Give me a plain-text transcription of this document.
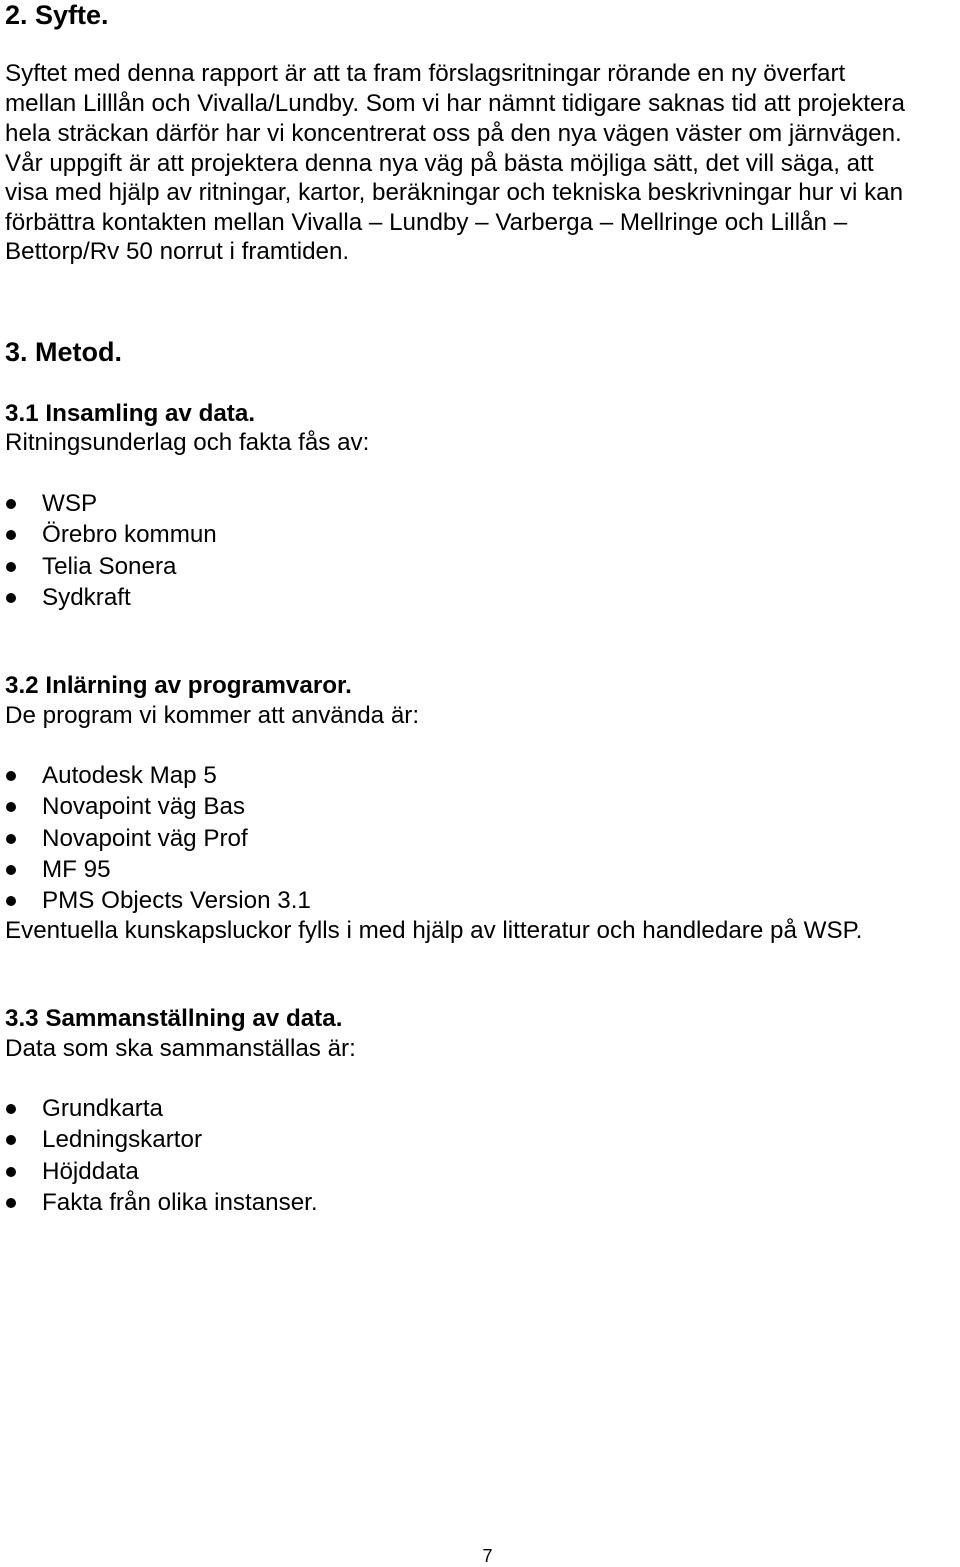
2. Syfte.

Syftet med denna rapport är att ta fram förslagsritningar rörande en ny överfart

mellan Lilllån och Vivalla/Lundby. Som vi har nämnt tidigare saknas tid att projektera

hela sträckan därför har vi koncentrerat oss på den nya vägen väster om järnvägen.

Vår uppgift är att projektera denna nya väg på bästa möjliga sätt, det vill säga, att

visa med hjälp av ritningar, kartor, beräkningar och tekniska beskrivningar hur vi kan

förbättra kontakten mellan Vivalla – Lundby – Varberga – Mellringe och Lillån –

Bettorp/Rv 50 norrut i framtiden.

3. Metod.
3.1 Insamling av data.

Ritningsunderlag och fakta fås av:

WSP

Örebro kommun

Telia Sonera

Sydkraft

3.2 Inlärning av programvaror.

De program vi kommer att använda är:

Autodesk Map 5

Novapoint väg Bas

Novapoint väg Prof

MF 95

PMS Objects Version 3.1

Eventuella kunskapsluckor fylls i med hjälp av litteratur och handledare på WSP.

3.3 Sammanställning av data.

Data som ska sammanställas är:

Grundkarta

Ledningskartor

Höjddata

Fakta från olika instanser.

7
